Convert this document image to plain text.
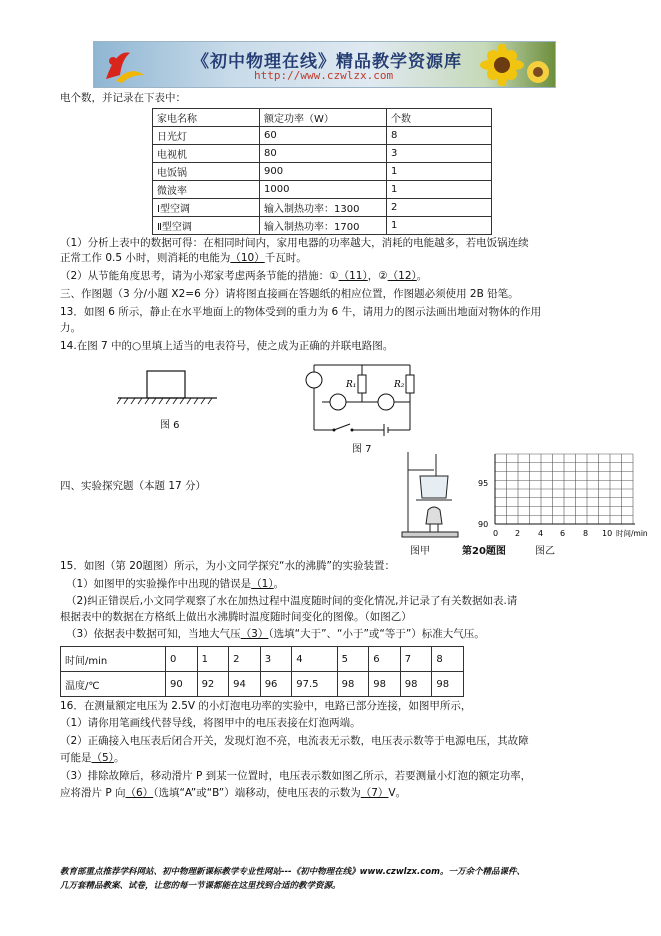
《初中物理在线》精品教学资源库
http://www.czwlzx.com
电个数，并记录在下表中：
家电名称	额定功率（W）	个数
日光灯	60	8
电视机	80	3
电饭锅	900	1
微波率	1000	1
Ⅰ型空调	输入制热功率：1300	2
Ⅱ型空调	输入制热功率：1700	1
（1）分析上表中的数据可得：在相同时间内，家用电器的功率越大，消耗的电能越多，若电饭锅连续
正常工作 0.5 小时，则消耗的电能为（10）千瓦时。
（2）从节能角度思考，请为小郑家考虑两条节能的措施：①（11），②（12）。
三、作图题（3 分/小题 X2=6 分）请将图直接画在答题纸的相应位置，作图题必须使用 2B 铅笔。
13．如图 6 所示，静止在水平地面上的物体受到的重力为 6 牛，请用力的图示法画出地面对物体的作用
力。
14.在图 7 中的○里填上适当的电表符号，使之成为正确的并联电路图。
图 6
R₁	R₂
图 7
四、实验探究题（本题 17 分）
图甲	第20题图	图乙
95
90
0 2 4 6 8 10 时间/min
15．如图（第 20题图）所示，为小文同学探究“水的沸腾”的实验装置：
（1）如图甲的实验操作中出现的错误是（1）。
（2)纠正错误后,小文同学观察了水在加热过程中温度随时间的变化情况,并记录了有关数据如表.请
根据表中的数据在方格纸上做出水沸腾时温度随时间变化的图像。（如图乙）
（3）依据表中数据可知，当地大气压（3）（选填“大于”、“小于”或“等于”）标准大气压。
时间/min	0	1	2	3	4	5	6	7	8
温度/℃	90	92	94	96	97.5	98	98	98	98
16．在测量额定电压为 2.5V 的小灯泡电功率的实验中，电路已部分连接，如图甲所示，
（1）请你用笔画线代替导线，将图甲中的电压表接在灯泡两端。
（2）正确接入电压表后闭合开关，发现灯泡不亮，电流表无示数，电压表示数等于电源电压，其故障
可能是（5）。
（3）排除故障后，移动滑片 P 到某一位置时，电压表示数如图乙所示，若要测量小灯泡的额定功率，
应将滑片 P 向（6）（选填“A”或“B”）端移动，使电压表的示数为（7）V。
教育部重点推荐学科网站、初中物理新课标教学专业性网站---《初中物理在线》www.czwlzx.com。一万余个精品课件、
几万套精品教案、试卷，让您的每一节课都能在这里找到合适的教学资源。
